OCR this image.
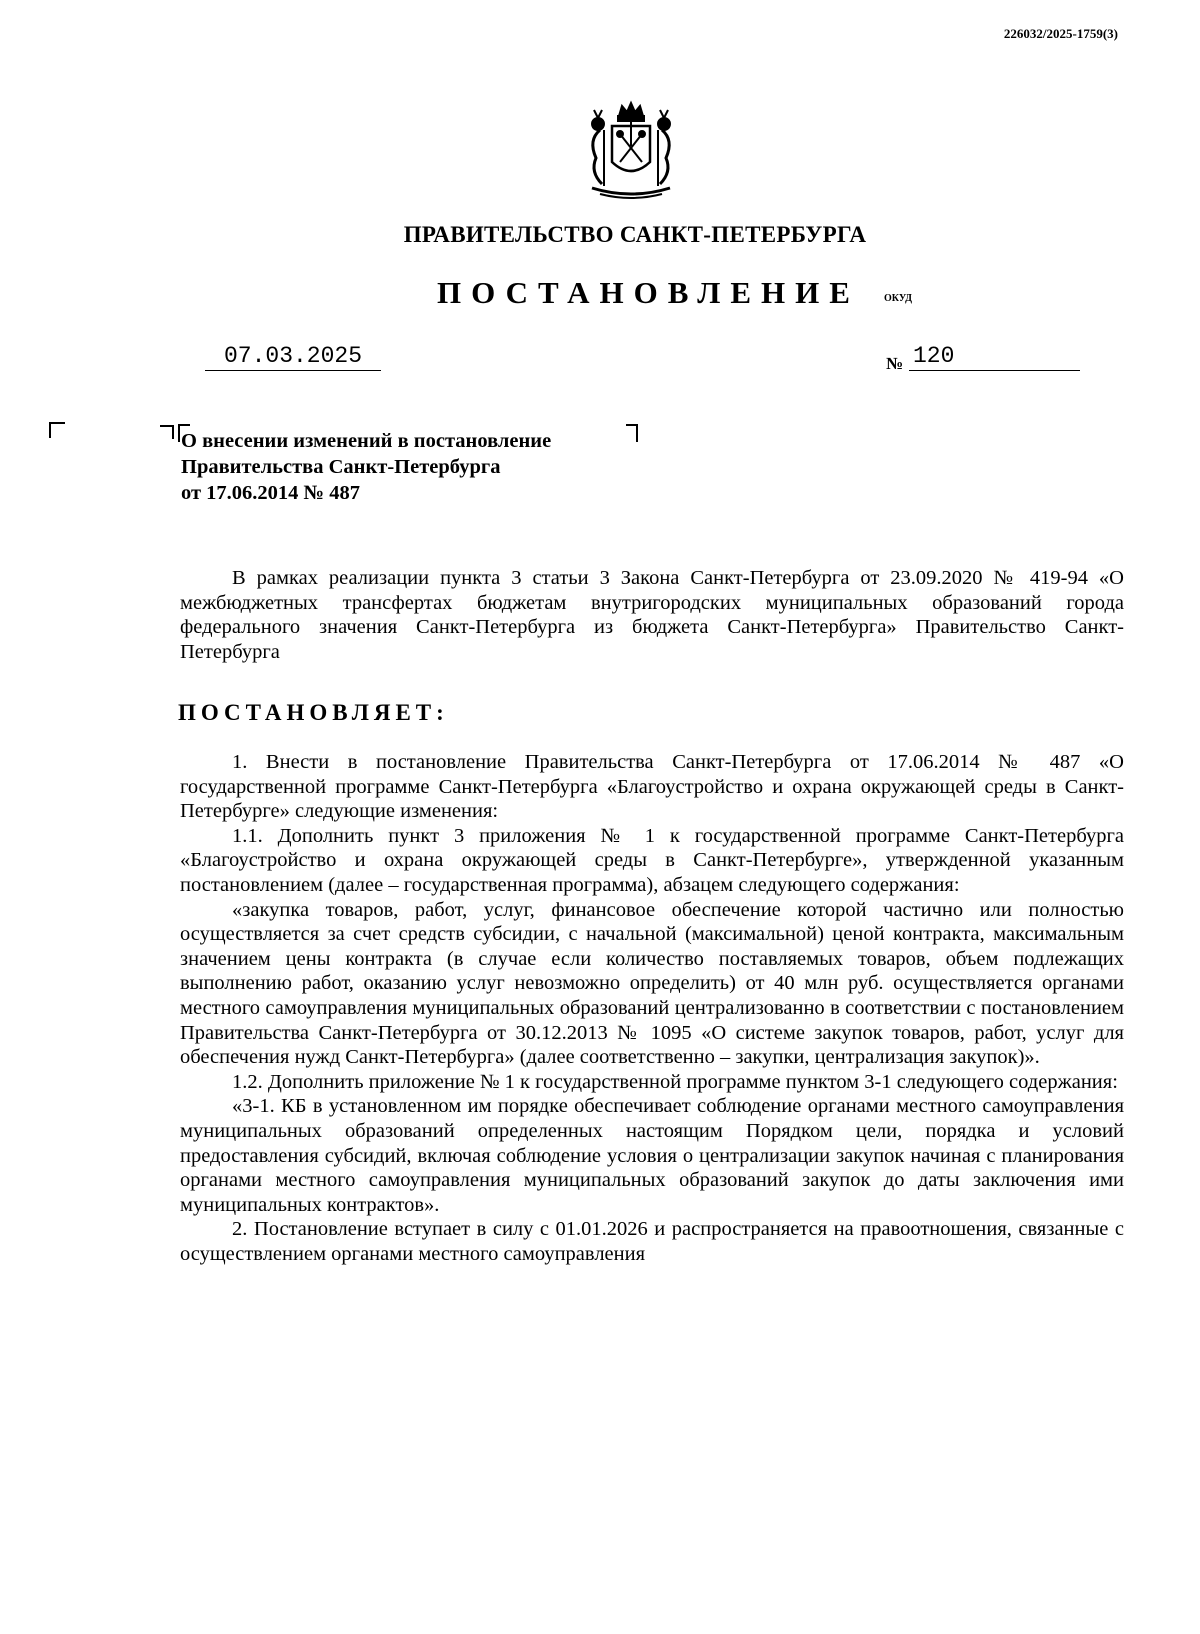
226032/2025-1759(3)
ПРАВИТЕЛЬСТВО САНКТ-ПЕТЕРБУРГА
ПОСТАНОВЛЕНИЕ ОКУД
07.03.2025	№ 120
О внесении изменений в постановление
Правительства Санкт-Петербурга
от 17.06.2014 № 487

В рамках реализации пункта 3 статьи 3 Закона Санкт-Петербурга от 23.09.2020 № 419-94 «О межбюджетных трансфертах бюджетам внутригородских муниципальных образований города федерального значения Санкт-Петербурга из бюджета Санкт-Петербурга» Правительство Санкт-Петербурга

ПОСТАНОВЛЯЕТ:

1. Внести в постановление Правительства Санкт-Петербурга от 17.06.2014 № 487 «О государственной программе Санкт-Петербурга «Благоустройство и охрана окружающей среды в Санкт-Петербурге» следующие изменения:

1.1. Дополнить пункт 3 приложения № 1 к государственной программе Санкт-Петербурга «Благоустройство и охрана окружающей среды в Санкт-Петербурге», утвержденной указанным постановлением (далее – государственная программа), абзацем следующего содержания:

«закупка товаров, работ, услуг, финансовое обеспечение которой частично или полностью осуществляется за счет средств субсидии, с начальной (максимальной) ценой контракта, максимальным значением цены контракта (в случае если количество поставляемых товаров, объем подлежащих выполнению работ, оказанию услуг невозможно определить) от 40 млн руб. осуществляется органами местного самоуправления муниципальных образований централизованно в соответствии с постановлением Правительства Санкт-Петербурга от 30.12.2013 № 1095 «О системе закупок товаров, работ, услуг для обеспечения нужд Санкт-Петербурга» (далее соответственно – закупки, централизация закупок)».

1.2. Дополнить приложение № 1 к государственной программе пунктом 3-1 следующего содержания:

«3-1. КБ в установленном им порядке обеспечивает соблюдение органами местного самоуправления муниципальных образований определенных настоящим Порядком цели, порядка и условий предоставления субсидий, включая соблюдение условия о централизации закупок начиная с планирования органами местного самоуправления муниципальных образований закупок до даты заключения ими муниципальных контрактов».

2. Постановление вступает в силу с 01.01.2026 и распространяется на правоотношения, связанные с осуществлением органами местного самоуправления
